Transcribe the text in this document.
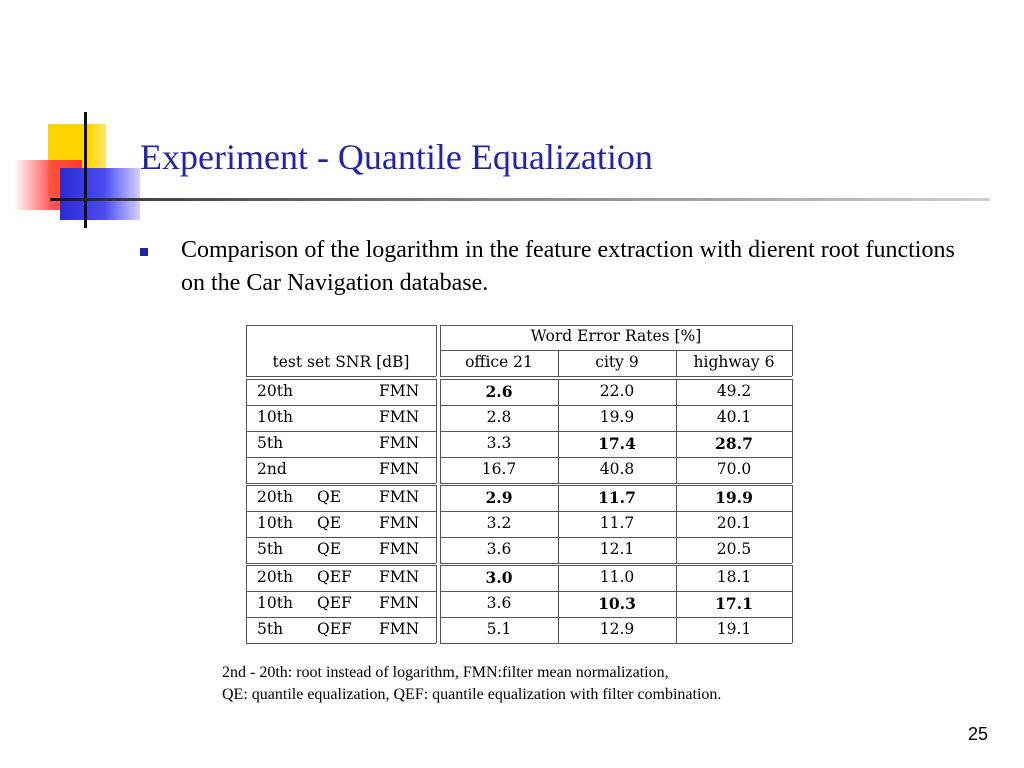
Experiment - Quantile Equalization

Comparison of the logarithm in the feature extraction with dierent root functions on the Car Navigation database.

Word Error Rates [%]
test set SNR [dB]	office 21	city 9	highway 6
20th	FMN	2.6	22.0	49.2
10th	FMN	2.8	19.9	40.1
5th	FMN	3.3	17.4	28.7
2nd	FMN	16.7	40.8	70.0
20th QE FMN	2.9	11.7	19.9
10th QE FMN	3.2	11.7	20.1
5th QE FMN	3.6	12.1	20.5
20th QEF FMN	3.0	11.0	18.1
10th QEF FMN	3.6	10.3	17.1
5th QEF FMN	5.1	12.9	19.1

2nd - 20th: root instead of logarithm, FMN:filter mean normalization,
QE: quantile equalization, QEF: quantile equalization with filter combination.

25
